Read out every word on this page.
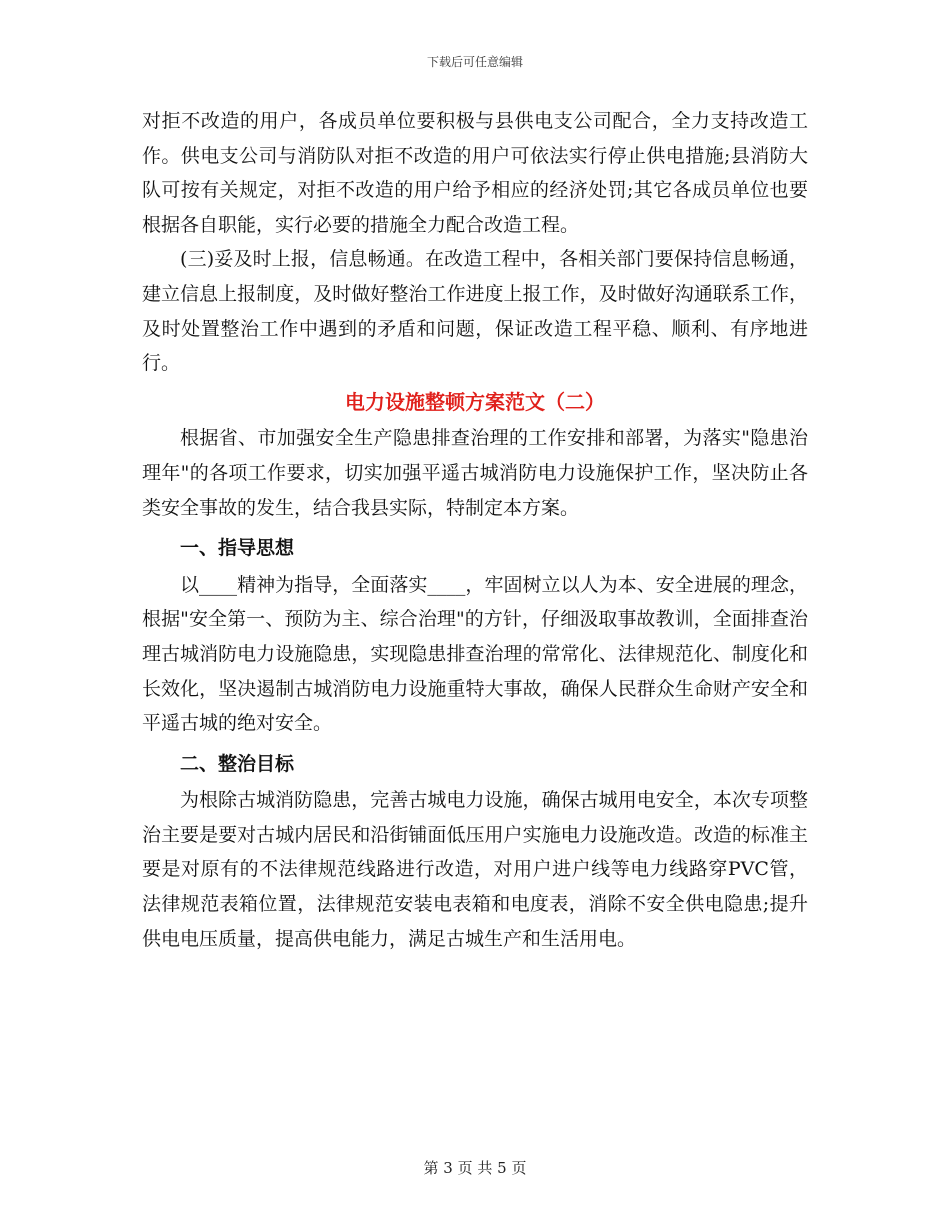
下载后可任意编辑

对拒不改造的用户，各成员单位要积极与县供电支公司配合，全力支持改造工作。供电支公司与消防队对拒不改造的用户可依法实行停止供电措施;县消防大队可按有关规定，对拒不改造的用户给予相应的经济处罚;其它各成员单位也要根据各自职能，实行必要的措施全力配合改造工程。

(三)妥及时上报，信息畅通。在改造工程中，各相关部门要保持信息畅通，建立信息上报制度，及时做好整治工作进度上报工作，及时做好沟通联系工作，及时处置整治工作中遇到的矛盾和问题，保证改造工程平稳、顺利、有序地进行。

电力设施整顿方案范文（二）

根据省、市加强安全生产隐患排查治理的工作安排和部署，为落实"隐患治理年"的各项工作要求，切实加强平遥古城消防电力设施保护工作，坚决防止各类安全事故的发生，结合我县实际，特制定本方案。

一、指导思想

以____精神为指导，全面落实____，牢固树立以人为本、安全进展的理念，根据"安全第一、预防为主、综合治理"的方针，仔细汲取事故教训，全面排查治理古城消防电力设施隐患，实现隐患排查治理的常常化、法律规范化、制度化和长效化，坚决遏制古城消防电力设施重特大事故，确保人民群众生命财产安全和平遥古城的绝对安全。

二、整治目标

为根除古城消防隐患，完善古城电力设施，确保古城用电安全，本次专项整治主要是要对古城内居民和沿街铺面低压用户实施电力设施改造。改造的标准主要是对原有的不法律规范线路进行改造，对用户进户线等电力线路穿PVC管，法律规范表箱位置，法律规范安装电表箱和电度表，消除不安全供电隐患;提升供电电压质量，提高供电能力，满足古城生产和生活用电。

第 3 页 共 5 页
